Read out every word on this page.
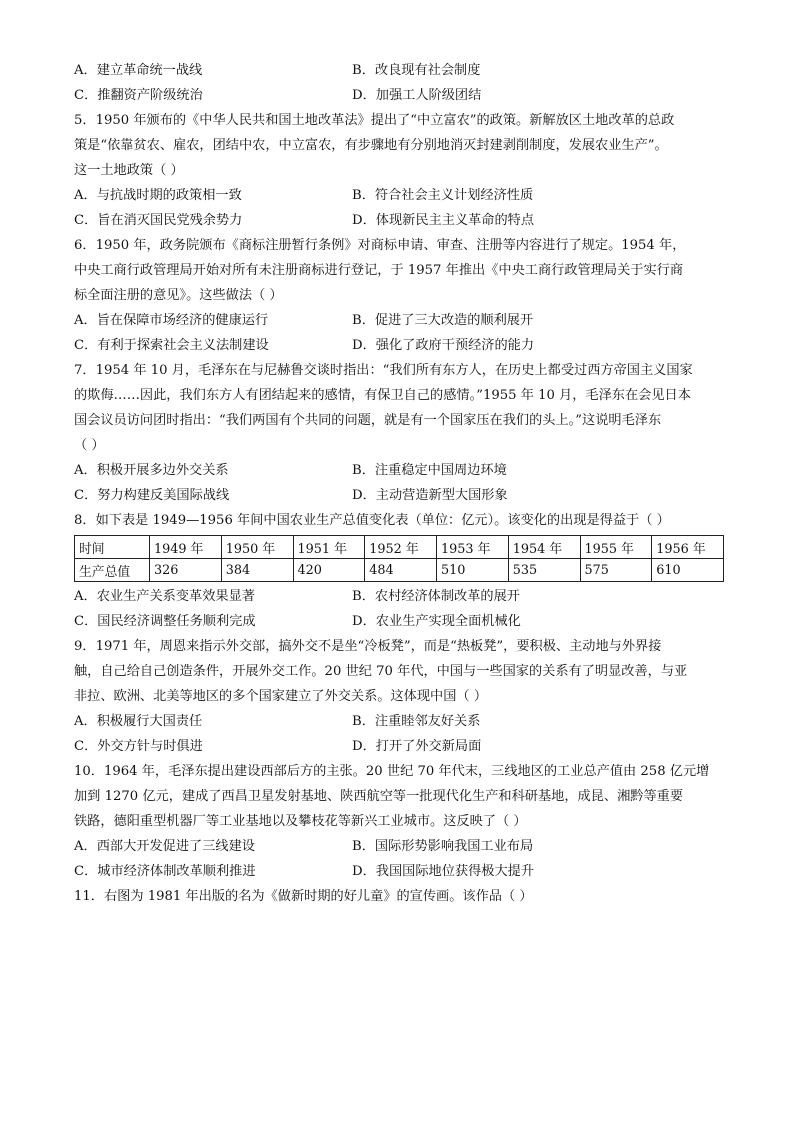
A．建立革命统一战线	B．改良现有社会制度
C．推翻资产阶级统治	D．加强工人阶级团结
5．1950 年颁布的《中华人民共和国土地改革法》提出了“中立富农”的政策。新解放区土地改革的总政
策是“依靠贫农、雇农，团结中农，中立富农，有步骤地有分别地消灭封建剥削制度，发展农业生产”。
这一土地政策（ ）
A．与抗战时期的政策相一致	B．符合社会主义计划经济性质
C．旨在消灭国民党残余势力	D．体现新民主主义革命的特点
6．1950 年，政务院颁布《商标注册暂行条例》对商标申请、审查、注册等内容进行了规定。1954 年，
中央工商行政管理局开始对所有未注册商标进行登记，于 1957 年推出《中央工商行政管理局关于实行商
标全面注册的意见》。这些做法（ ）
A．旨在保障市场经济的健康运行	B．促进了三大改造的顺利展开
C．有利于探索社会主义法制建设	D．强化了政府干预经济的能力
7．1954 年 10 月，毛泽东在与尼赫鲁交谈时指出：“我们所有东方人，在历史上都受过西方帝国主义国家
的欺侮……因此，我们东方人有团结起来的感情，有保卫自己的感情。”1955 年 10 月，毛泽东在会见日本
国会议员访问团时指出：“我们两国有个共同的问题，就是有一个国家压在我们的头上。”这说明毛泽东
（ ）
A．积极开展多边外交关系	B．注重稳定中国周边环境
C．努力构建反美国际战线	D．主动营造新型大国形象
8．如下表是 1949—1956 年间中国农业生产总值变化表（单位：亿元）。该变化的出现是得益于（ ）
时间	1949 年	1950 年	1951 年	1952 年	1953 年	1954 年	1955 年	1956 年
生产总值	326	384	420	484	510	535	575	610
A．农业生产关系变革效果显著	B．农村经济体制改革的展开
C．国民经济调整任务顺利完成	D．农业生产实现全面机械化
9．1971 年，周恩来指示外交部，搞外交不是坐“冷板凳”，而是“热板凳”，要积极、主动地与外界接
触，自己给自己创造条件，开展外交工作。20 世纪 70 年代，中国与一些国家的关系有了明显改善，与亚
非拉、欧洲、北美等地区的多个国家建立了外交关系。这体现中国（ ）
A．积极履行大国责任	B．注重睦邻友好关系
C．外交方针与时俱进	D．打开了外交新局面
10．1964 年，毛泽东提出建设西部后方的主张。20 世纪 70 年代末，三线地区的工业总产值由 258 亿元增
加到 1270 亿元，建成了西昌卫星发射基地、陕西航空等一批现代化生产和科研基地，成昆、湘黔等重要
铁路，德阳重型机器厂等工业基地以及攀枝花等新兴工业城市。这反映了（ ）
A．西部大开发促进了三线建设	B．国际形势影响我国工业布局
C．城市经济体制改革顺利推进	D．我国国际地位获得极大提升
11．右图为 1981 年出版的名为《做新时期的好儿童》的宣传画。该作品（ ）
